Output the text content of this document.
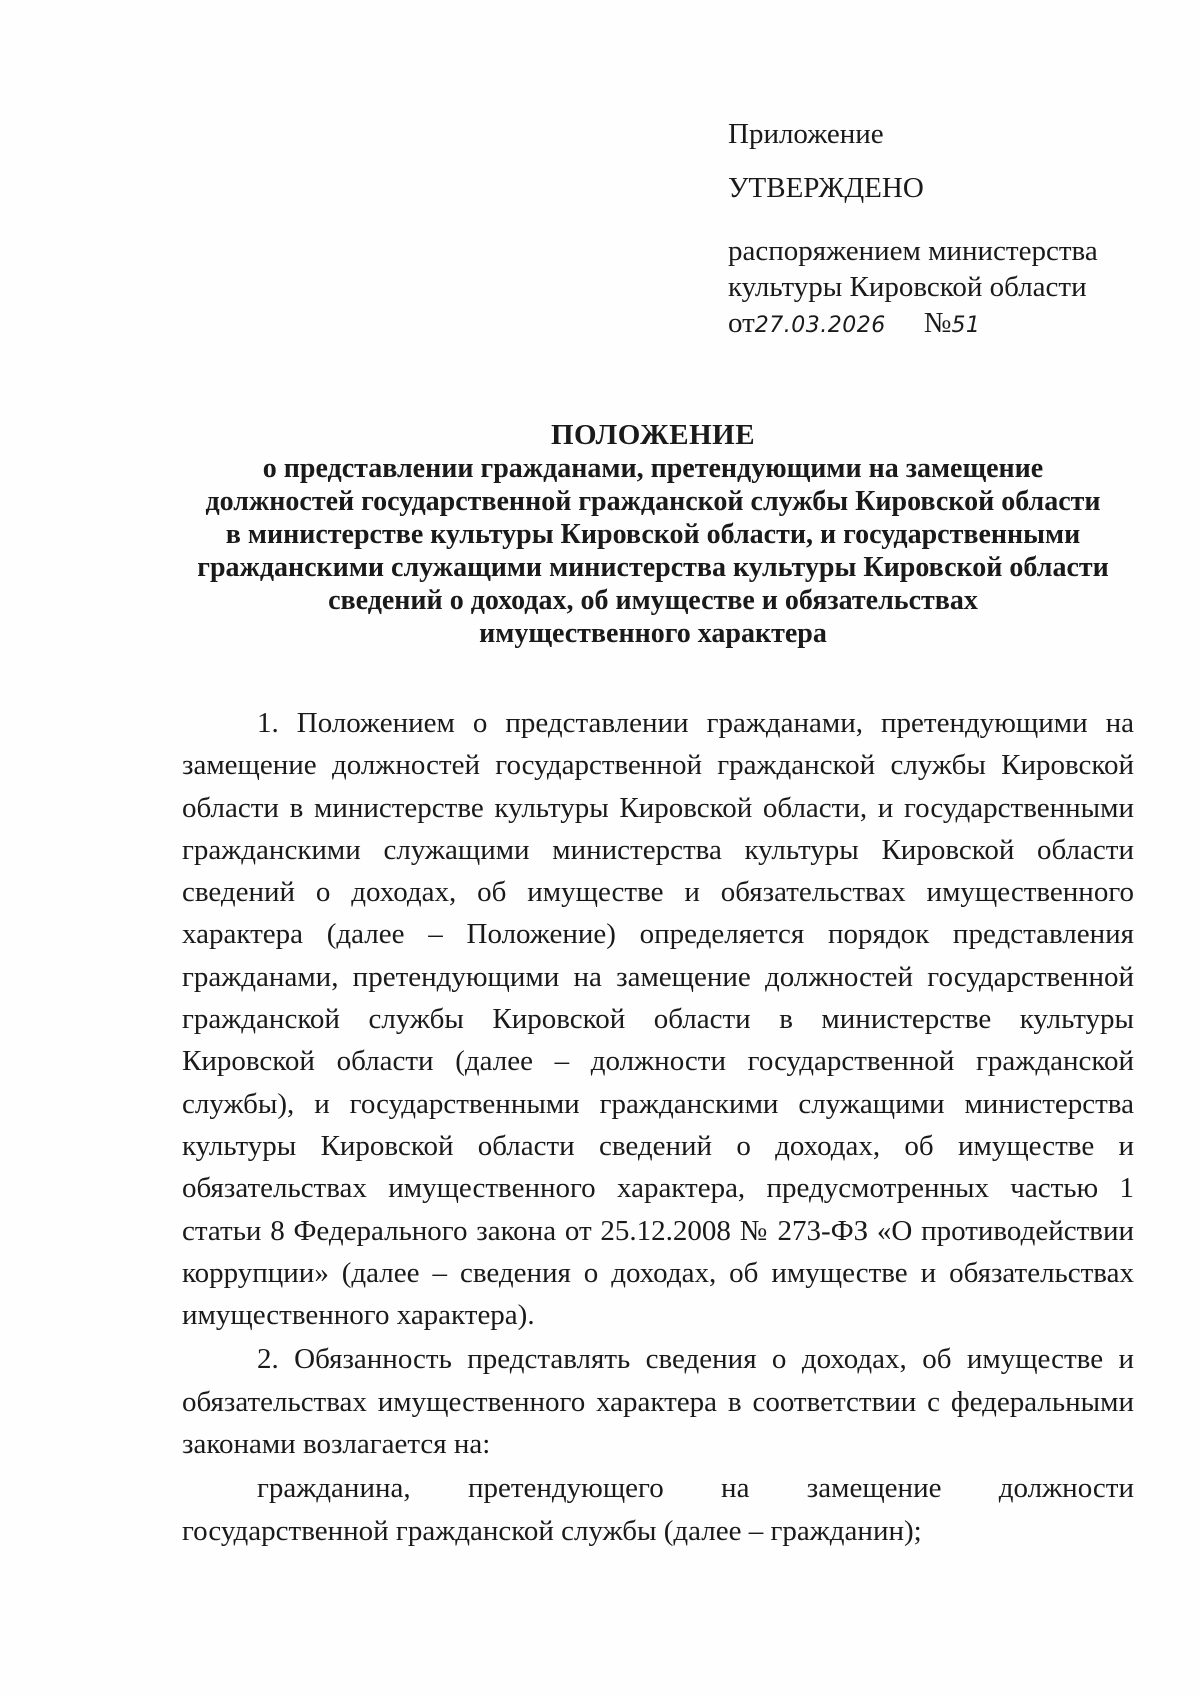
Приложение
УТВЕРЖДЕНО
распоряжением министерства
культуры Кировской области
от 27.03.2026 № 51
ПОЛОЖЕНИЕ
о представлении гражданами, претендующими на замещение
должностей государственной гражданской службы Кировской области
в министерстве культуры Кировской области, и государственными
гражданскими служащими министерства культуры Кировской области
сведений о доходах, об имуществе и обязательствах
имущественного характера

1. Положением о представлении гражданами, претендующими на замещение должностей государственной гражданской службы Кировской области в министерстве культуры Кировской области, и государственными гражданскими служащими министерства культуры Кировской области сведений о доходах, об имуществе и обязательствах имущественного характера (далее – Положение) определяется порядок представления гражданами, претендующими на замещение должностей государственной гражданской службы Кировской области в министерстве культуры Кировской области (далее – должности государственной гражданской службы), и государственными гражданскими служащими министерства культуры Кировской области сведений о доходах, об имуществе и обязательствах имущественного характера, предусмотренных частью 1 статьи 8 Федерального закона от 25.12.2008 № 273-ФЗ «О противодействии коррупции» (далее – сведения о доходах, об имуществе и обязательствах имущественного характера).

2. Обязанность представлять сведения о доходах, об имуществе и обязательствах имущественного характера в соответствии с федеральными законами возлагается на:

гражданина, претендующего на замещение должности государственной гражданской службы (далее – гражданин);
